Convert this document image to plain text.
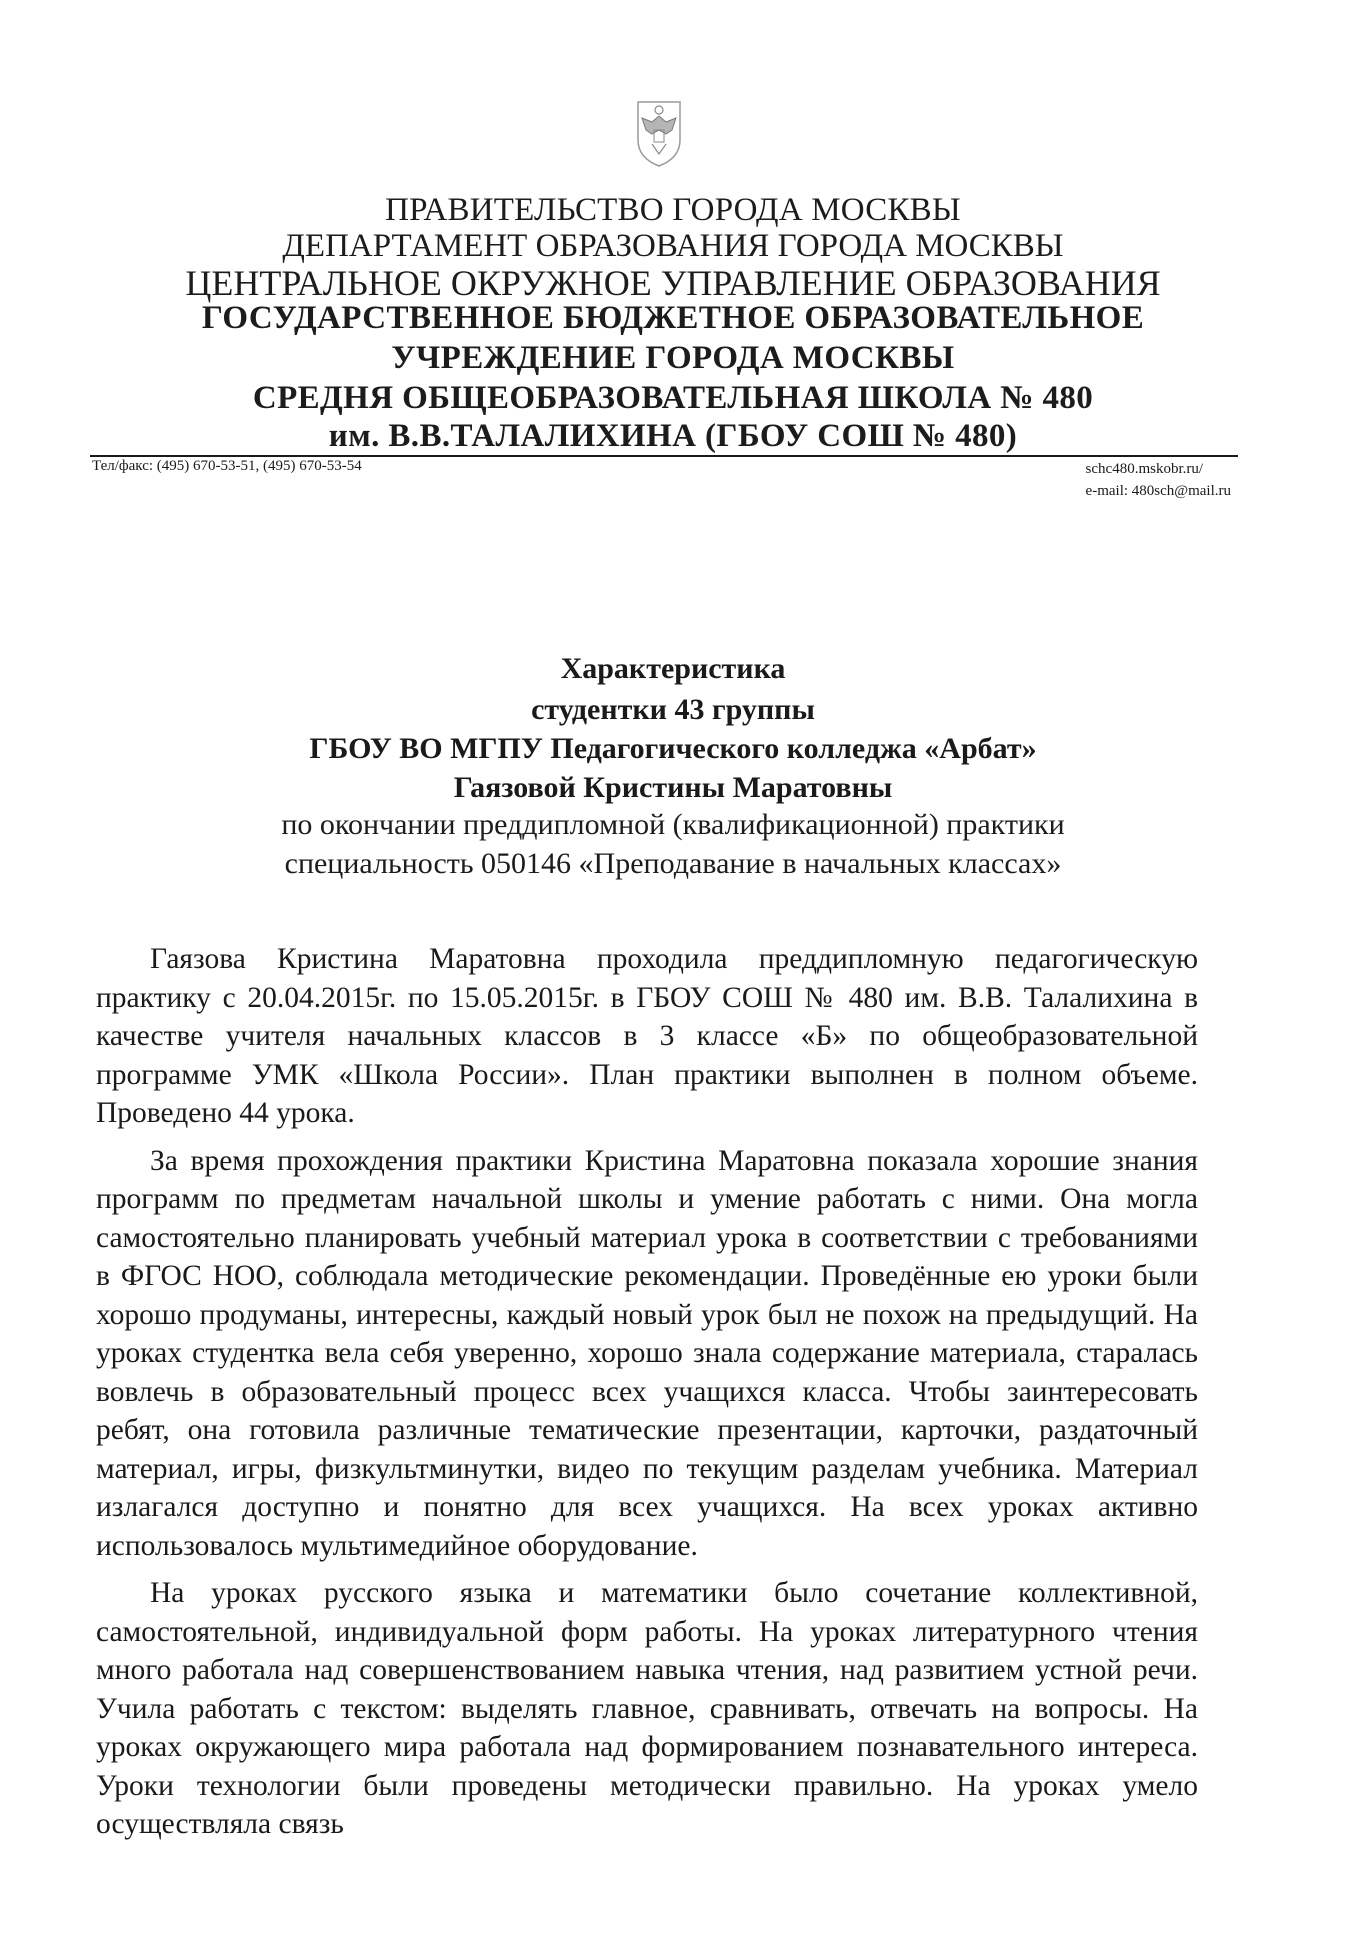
ПРАВИТЕЛЬСТВО ГОРОДА МОСКВЫ
ДЕПАРТАМЕНТ ОБРАЗОВАНИЯ ГОРОДА МОСКВЫ
ЦЕНТРАЛЬНОЕ ОКРУЖНОЕ УПРАВЛЕНИЕ ОБРАЗОВАНИЯ
ГОСУДАРСТВЕННОЕ БЮДЖЕТНОЕ ОБРАЗОВАТЕЛЬНОЕ
УЧРЕЖДЕНИЕ ГОРОДА МОСКВЫ
СРЕДНЯ ОБЩЕОБРАЗОВАТЕЛЬНАЯ ШКОЛА № 480
им. В.В.ТАЛАЛИХИНА (ГБОУ СОШ № 480)
Тел/факс: (495) 670-53-51, (495) 670-53-54	schc480.mskobr.ru/
e-mail: 480sch@mail.ru
Характеристика
студентки 43 группы
ГБОУ ВО МГПУ Педагогического колледжа «Арбат»
Гаязовой Кристины Маратовны
по окончании преддипломной (квалификационной) практики
специальность 050146 «Преподавание в начальных классах»

Гаязова Кристина Маратовна проходила преддипломную педагогическую практику с 20.04.2015г. по 15.05.2015г. в ГБОУ СОШ № 480 им. В.В. Талалихина в качестве учителя начальных классов в 3 классе «Б» по общеобразовательной программе УМК «Школа России». План практики выполнен в полном объеме. Проведено 44 урока.

За время прохождения практики Кристина Маратовна показала хорошие знания программ по предметам начальной школы и умение работать с ними. Она могла самостоятельно планировать учебный материал урока в соответствии с требованиями в ФГОС НОО, соблюдала методические рекомендации. Проведённые ею уроки были хорошо продуманы, интересны, каждый новый урок был не похож на предыдущий. На уроках студентка вела себя уверенно, хорошо знала содержание материала, старалась вовлечь в образовательный процесс всех учащихся класса. Чтобы заинтересовать ребят, она готовила различные тематические презентации, карточки, раздаточный материал, игры, физкультминутки, видео по текущим разделам учебника. Материал излагался доступно и понятно для всех учащихся. На всех уроках активно использовалось мультимедийное оборудование.

На уроках русского языка и математики было сочетание коллективной, самостоятельной, индивидуальной форм работы. На уроках литературного чтения много работала над совершенствованием навыка чтения, над развитием устной речи. Учила работать с текстом: выделять главное, сравнивать, отвечать на вопросы. На уроках окружающего мира работала над формированием познавательного интереса. Уроки технологии были проведены методически правильно. На уроках умело осуществляла связь
